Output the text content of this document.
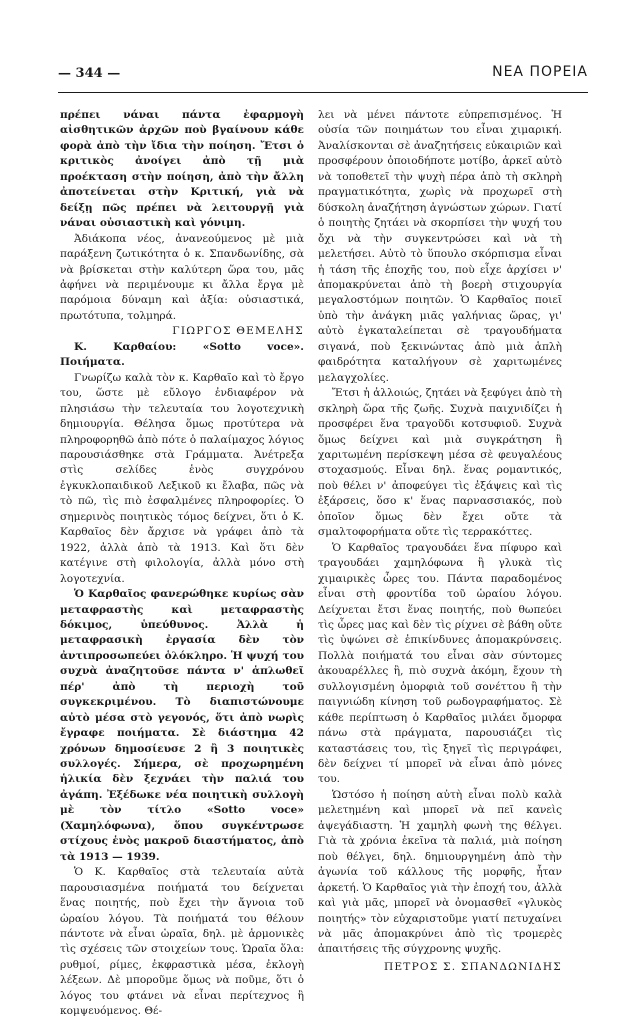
— 344 —	ΝΕΑ ΠΟΡΕΙΑ

πρέπει νάναι πάντα ἐφαρμογὴ αἰσθητικῶν ἀρχῶν ποὺ βγαίνουν κάθε φορὰ ἀπὸ τὴν ἴδια τὴν ποίηση. Ἔτσι ὁ κριτικὸς ἀνοίγει ἀπὸ τῇ μιὰ προέκταση στὴν ποίηση, ἀπὸ τὴν ἄλλη ἀποτείνεται στὴν Κριτική, γιὰ νὰ δείξῃ πῶς πρέπει νὰ λειτουργῇ γιὰ νάναι οὐσιαστικὴ καὶ γόνιμη.

Ἀδιάκοπα νέος, ἀνανεούμενος μὲ μιὰ παράξενη ζωτικότητα ὁ κ. Σπανδωνίδης, σὰ νὰ βρίσκεται στὴν καλύτερη ὥρα του, μᾶς ἀφήνει νὰ περιμένουμε κι ἄλλα ἔργα μὲ παρόμοια δύναμη καὶ ἀξία: οὐσιαστικά, πρωτότυπα, τολμηρά.

ΓΙΩΡΓΟΣ ΘΕΜΕΛΗΣ

Κ. Καρθαίου: «Sotto voce». Ποιήματα.

Γνωρίζω καλὰ τὸν κ. Καρθαῖο καὶ τὸ ἔργο του, ὥστε μὲ εὔλογο ἐνδιαφέρον νὰ πλησιάσω τὴν τελευταία του λογοτεχνικὴ δημιουργία. Θέλησα ὅμως προτύτερα νὰ πληροφορηθῶ ἀπὸ πότε ὁ παλαίμαχος λόγιος παρουσιάσθηκε στὰ Γράμματα. Ἀνέτρεξα στὶς σελίδες ἑνὸς συγχρόνου ἐγκυκλοπαιδικοῦ Λεξικοῦ κι ἔλαβα, πῶς νὰ τὸ πῶ, τὶς πιὸ ἐσφαλμένες πληροφορίες. Ὁ σημερινὸς ποιητικὸς τόμος δείχνει, ὅτι ὁ Κ. Καρθαῖος δὲν ἄρχισε νὰ γράφει ἀπὸ τὰ 1922, ἀλλὰ ἀπὸ τὰ 1913. Καὶ ὅτι δὲν κατέγινε στὴ φιλολογία, ἀλλὰ μόνο στὴ λογοτεχνία.

Ὁ Καρθαῖος φανερώθηκε κυρίως σὰν μεταφραστὴς καὶ μεταφραστὴς δόκιμος, ὑπεύθυνος. Ἀλλὰ ἡ μεταφρασικὴ ἐργασία δὲν τὸν ἀντιπροσωπεύει ὁλόκληρο. Ἡ ψυχή του συχνὰ ἀναζητοῦσε πάντα ν' ἁπλωθεῖ πέρ' ἀπὸ τὴ περιοχὴ τοῦ συγκεκριμένου. Τὸ διαπιστώνουμε αὐτὸ μέσα στὸ γεγονός, ὅτι ἀπὸ νωρὶς ἔγραφε ποιήματα. Σὲ διάστημα 42 χρόνων δημοσίευσε 2 ἢ 3 ποιητικὲς συλλογές. Σήμερα, σὲ προχωρημένη ἡλικία δὲν ξεχνάει τὴν παλιά του ἀγάπη. Ἐξέδωκε νέα ποιητικὴ συλλογὴ μὲ τὸν τίτλο «Sotto voce» (Χαμηλόφωνα), ὅπου συγκέντρωσε στίχους ἑνὸς μακροῦ διαστήματος, ἀπὸ τὰ 1913 — 1939.

Ὁ Κ. Καρθαῖος στὰ τελευταία αὐτὰ παρουσιασμένα ποιήματά του δείχνεται ἕνας ποιητής, ποὺ ἔχει τὴν ἄγνοια τοῦ ὡραίου λόγου. Τὰ ποιήματά του θέλουν πάντοτε νὰ εἶναι ὡραῖα, δηλ. μὲ ἁρμονικὲς τὶς σχέσεις τῶν στοιχείων τους. Ὡραῖα ὅλα: ρυθμοί, ρίμες, ἐκφραστικὰ μέσα, ἐκλογὴ λέξεων. Δὲ μποροῦμε ὅμως νὰ ποῦμε, ὅτι ὁ λόγος του φτάνει νὰ εἶναι περίτεχνος ἢ κομψευόμενος. Θέ-

λει νὰ μένει πάντοτε εὐπρεπισμένος. Ἡ οὐσία τῶν ποιημάτων του εἶναι χιμαρική. Ἀναλίσκονται σὲ ἀναζητήσεις εὐκαιριῶν καὶ προσφέρουν ὁποιοδήποτε μοτίβο, ἀρκεῖ αὐτὸ νὰ τοποθετεῖ τὴν ψυχὴ πέρα ἀπὸ τὴ σκληρὴ πραγματικότητα, χωρὶς νὰ προχωρεῖ στὴ δύσκολη ἀναζήτηση ἀγνώστων χώρων. Γιατί ὁ ποιητὴς ζητάει νὰ σκορπίσει τὴν ψυχή του ὄχι νὰ τὴν συγκεντρώσει καὶ νὰ τὴ μελετήσει. Αὐτὸ τὸ ὕπουλο σκόρπισμα εἶναι ἡ τάση τῆς ἐποχῆς του, ποὺ εἶχε ἀρχίσει ν' ἀπομακρύνεται ἀπὸ τὴ βοερὴ στιχουργία μεγαλοστόμων ποιητῶν. Ὁ Καρθαῖος ποιεῖ ὑπὸ τὴν ἀνάγκη μιᾶς γαλήνιας ὥρας, γι' αὐτὸ ἐγκαταλείπεται σὲ τραγουδήματα σιγανά, ποὺ ξεκινώντας ἀπὸ μιὰ ἁπλὴ φαιδρότητα καταλήγουν σὲ χαριτωμένες μελαγχολίες.

Ἔτσι ἡ ἀλλοιώς, ζητάει νὰ ξεφύγει ἀπὸ τὴ σκληρὴ ὥρα τῆς ζωῆς. Συχνὰ παιχνιδίζει ἡ προσφέρει ἕνα τραγοῦδι κοτσυφιοῦ. Συχνὰ ὅμως δείχνει καὶ μιὰ συγκράτηση ἢ χαριτωμένη περίσκεψη μέσα σὲ φευγαλέους στοχασμούς. Εἶναι δηλ. ἕνας ρομαντικός, ποὺ θέλει ν' ἀποφεύγει τὶς ἐξάψεις καὶ τὶς ἐξάρσεις, ὅσο κ' ἕνας παρνασσιακός, ποὺ ὁποῖον ὅμως δὲν ἔχει οὔτε τὰ σμαλτοφορήματα οὔτε τὶς τερρακόττες.

Ὁ Καρθαῖος τραγουδάει ἕνα πίφυρο καὶ τραγουδάει χαμηλόφωνα ἢ γλυκὰ τὶς χιμαιρικὲς ὧρες του. Πάντα παραδομένος εἶναι στὴ φροντίδα τοῦ ὡραίου λόγου. Δείχνεται ἔτσι ἕνας ποιητής, ποὺ θωπεύει τὶς ὧρες μας καὶ δὲν τὶς ρίχνει σὲ βάθη οὔτε τὶς ὑψώνει σὲ ἐπικίνδυνες ἀπομακρύνσεις. Πολλὰ ποιήματά του εἶναι σὰν σύντομες ἀκουαρέλλες ἢ, πιὸ συχνὰ ἀκόμη, ἔχουν τὴ συλλογισμένη ὁμορφιὰ τοῦ σονέττου ἢ τὴν παιγνιώδη κίνηση τοῦ ρωδογραφήματος. Σὲ κάθε περίπτωση ὁ Καρθαῖος μιλάει ὄμορφα πάνω στὰ πράγματα, παρουσιάζει τὶς καταστάσεις του, τὶς ξηγεῖ τὶς περιγράφει, δὲν δείχνει τί μπορεῖ νὰ εἶναι ἀπὸ μόνες του.

Ὡστόσο ἡ ποίηση αὐτὴ εἶναι πολὺ καλὰ μελετημένη καὶ μπορεῖ νὰ πεῖ κανεὶς ἀψεγάδιαστη. Ἡ χαμηλὴ φωνὴ της θέλγει. Γιὰ τὰ χρόνια ἐκεῖνα τὰ παλιά, μιὰ ποίηση ποὺ θέλγει, δηλ. δημιουργημένη ἀπὸ τὴν ἀγωνία τοῦ κάλλους τῆς μορφῆς, ἦταν ἀρκετή. Ὁ Καρθαῖος γιὰ τὴν ἐποχή του, ἀλλὰ καὶ γιὰ μᾶς, μπορεῖ νὰ ὀνομασθεῖ «γλυκὸς ποιητής» τὸν εὐχαριστοῦμε γιατί πετυχαίνει νὰ μᾶς ἀπομακρύνει ἀπὸ τὶς τρομερὲς ἀπαιτήσεις τῆς σύγχρονης ψυχῆς.

ΠΕΤΡΟΣ Σ. ΣΠΑΝΔΩΝΙΔΗΣ
